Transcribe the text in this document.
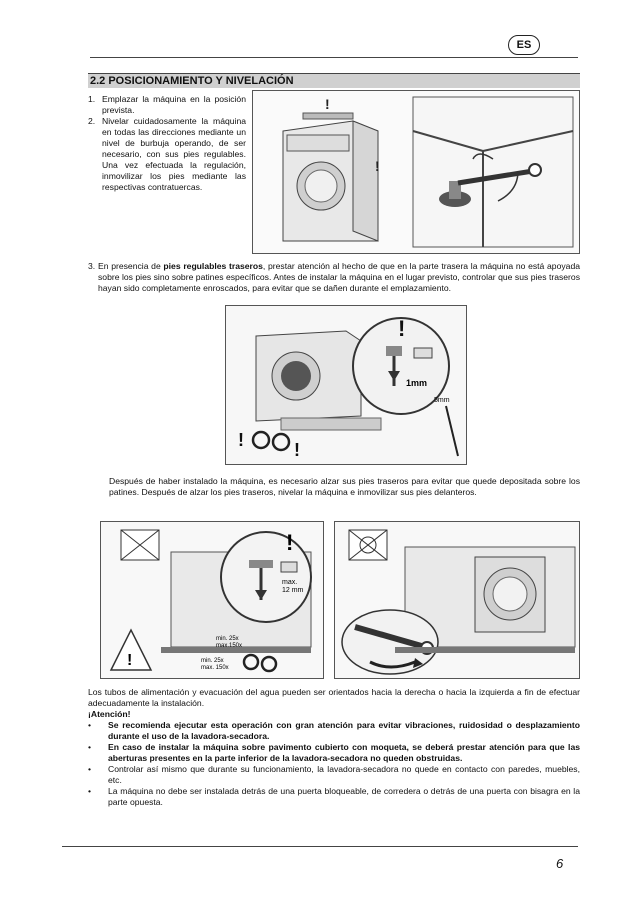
ES
2.2 POSICIONAMIENTO Y NIVELACIÓN
1. Emplazar la máquina en la posición prevista.
2. Nivelar cuidadosamente la máquina en todas las direcciones mediante un nivel de burbuja operando, de ser necesario, con sus pies regulables. Una vez efectuada la regulación, inmovilizar los pies mediante las respectivas contratuercas.
!
!
3. En presencia de pies regulables traseros, prestar atención al hecho de que en la parte trasera la máquina no está apoyada sobre los pies sino sobre patines específicos. Antes de instalar la máquina en el lugar previsto, controlar que sus pies traseros hayan sido completamente enroscados, para evitar que se dañen durante el emplazamiento.
!
1mm
5mm
!	!
Después de haber instalado la máquina, es necesario alzar sus pies traseros para evitar que quede depositada sobre los patines. Después de alzar los pies traseros, nivelar la máquina e inmovilizar sus pies delanteros.
!
!
max.
12 mm
min. 25x
max.150x
min. 25x
max. 150x
Los tubos de alimentación y evacuación del agua pueden ser orientados hacia la derecha o hacia la izquierda a fin de efectuar adecuadamente la instalación.
¡Atención!
•	Se recomienda ejecutar esta operación con gran atención para evitar vibraciones, ruidosidad o desplazamiento durante el uso de la lavadora-secadora.
•	En caso de instalar la máquina sobre pavimento cubierto con moqueta, se deberá prestar atención para que las aberturas presentes en la parte inferior de la lavadora-secadora no queden obstruidas.
•	Controlar así mismo que durante su funcionamiento, la lavadora-secadora no quede en contacto con paredes, muebles, etc.
•	La máquina no debe ser instalada detrás de una puerta bloqueable, de corredera o detrás de una puerta con bisagra en la parte opuesta.
6
